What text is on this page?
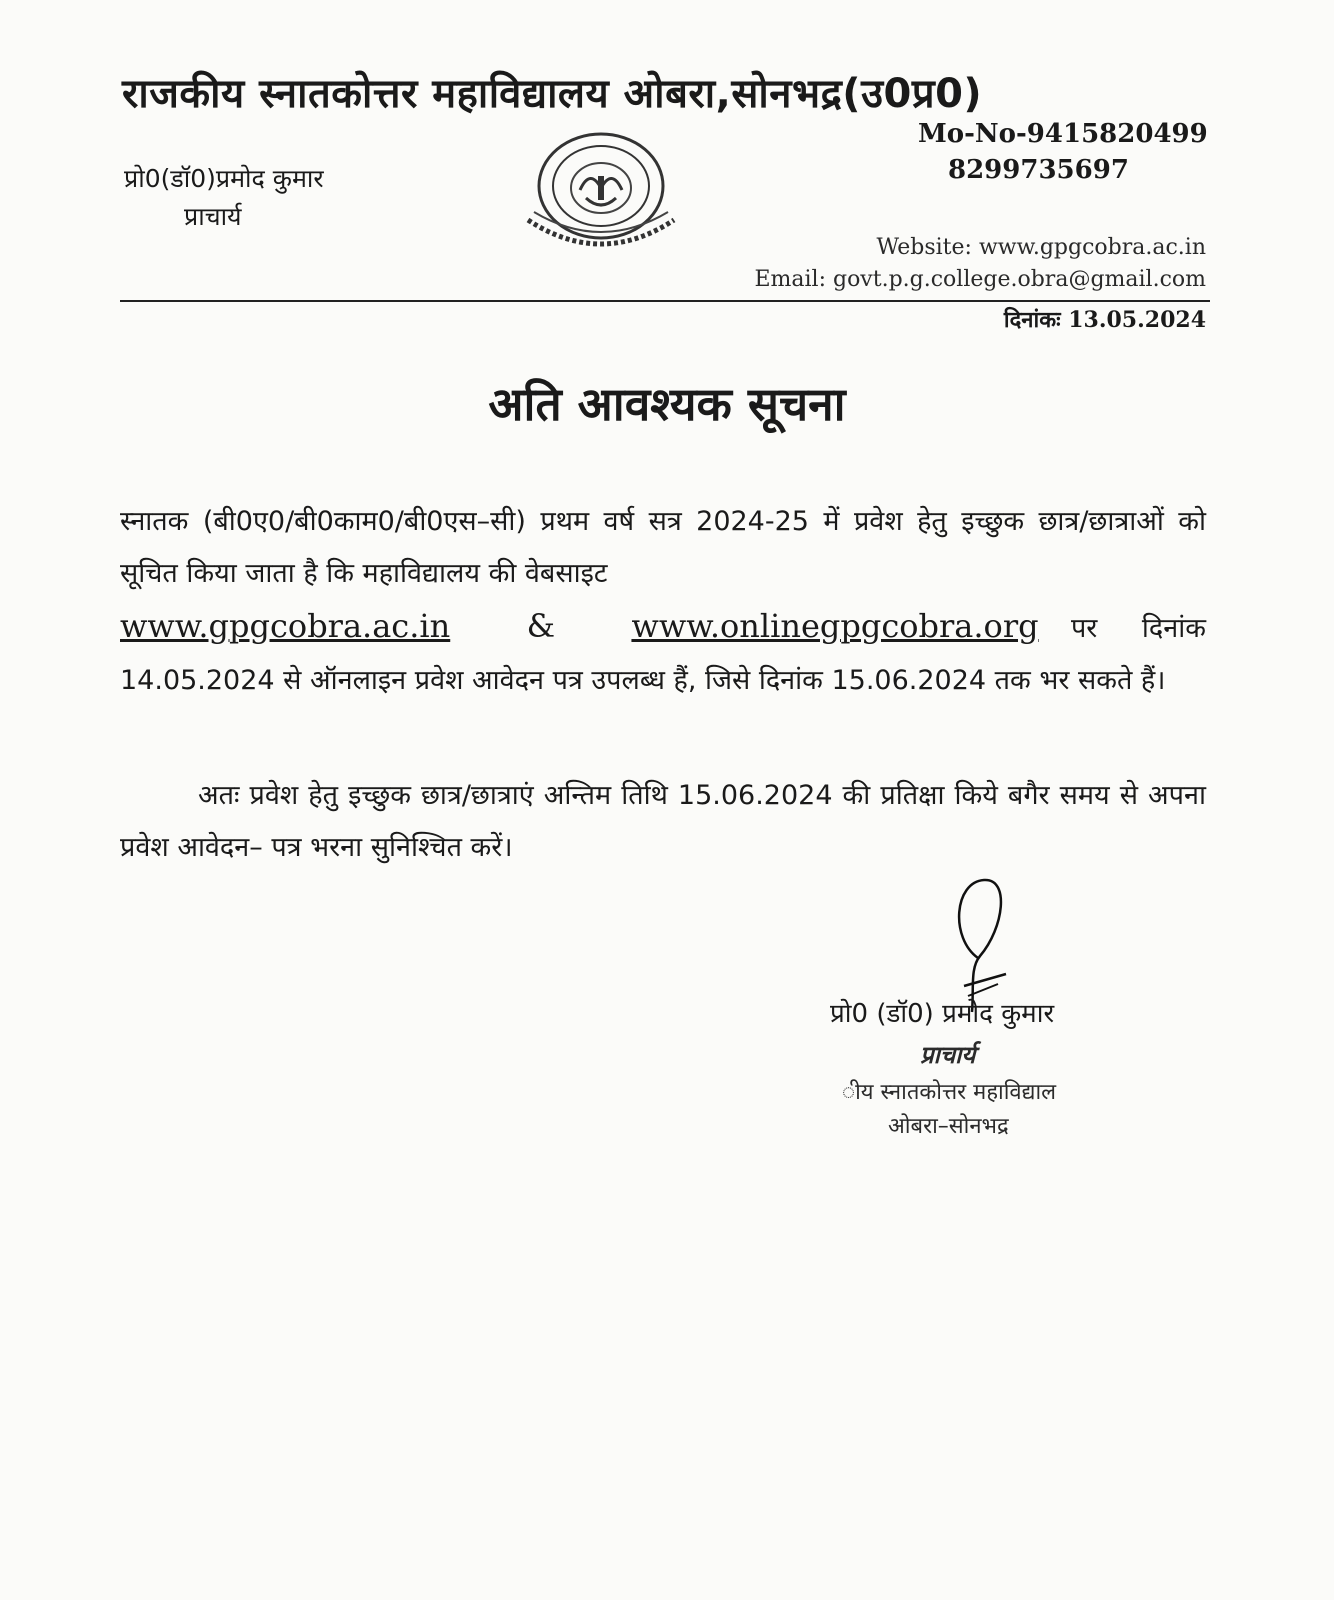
राजकीय स्नातकोत्तर महाविद्यालय ओबरा,सोनभद्र(उ0प्र0)
प्रो0(डॉ0)प्रमोद कुमार
प्राचार्य
Mo-No-9415820499
8299735697
Website: www.gpgcobra.ac.in
Email: govt.p.g.college.obra@gmail.com
दिनांकः 13.05.2024
अति आवश्यक सूचना
स्नातक (बी0ए0/बी0काम0/बी0एस–सी) प्रथम वर्ष सत्र 2024-25 में प्रवेश हेतु इच्छुक छात्र/छात्राओं को सूचित किया जाता है कि महाविद्यालय की वेबसाइट
www.gpgcobra.ac.in	&	www.onlinegpgcobra.org पर दिनांक
14.05.2024 से ऑनलाइन प्रवेश आवेदन पत्र उपलब्ध हैं, जिसे दिनांक 15.06.2024 तक भर सकते हैं।
अतः प्रवेश हेतु इच्छुक छात्र/छात्राएं अन्तिम तिथि 15.06.2024 की प्रतिक्षा किये बगैर समय से अपना प्रवेश आवेदन– पत्र भरना सुनिश्चित करें।
प्रो0 (डॉ0) प्रमोद कुमार
प्राचार्य
ीय स्नातकोत्तर महाविद्याल
ओबरा–सोनभद्र
